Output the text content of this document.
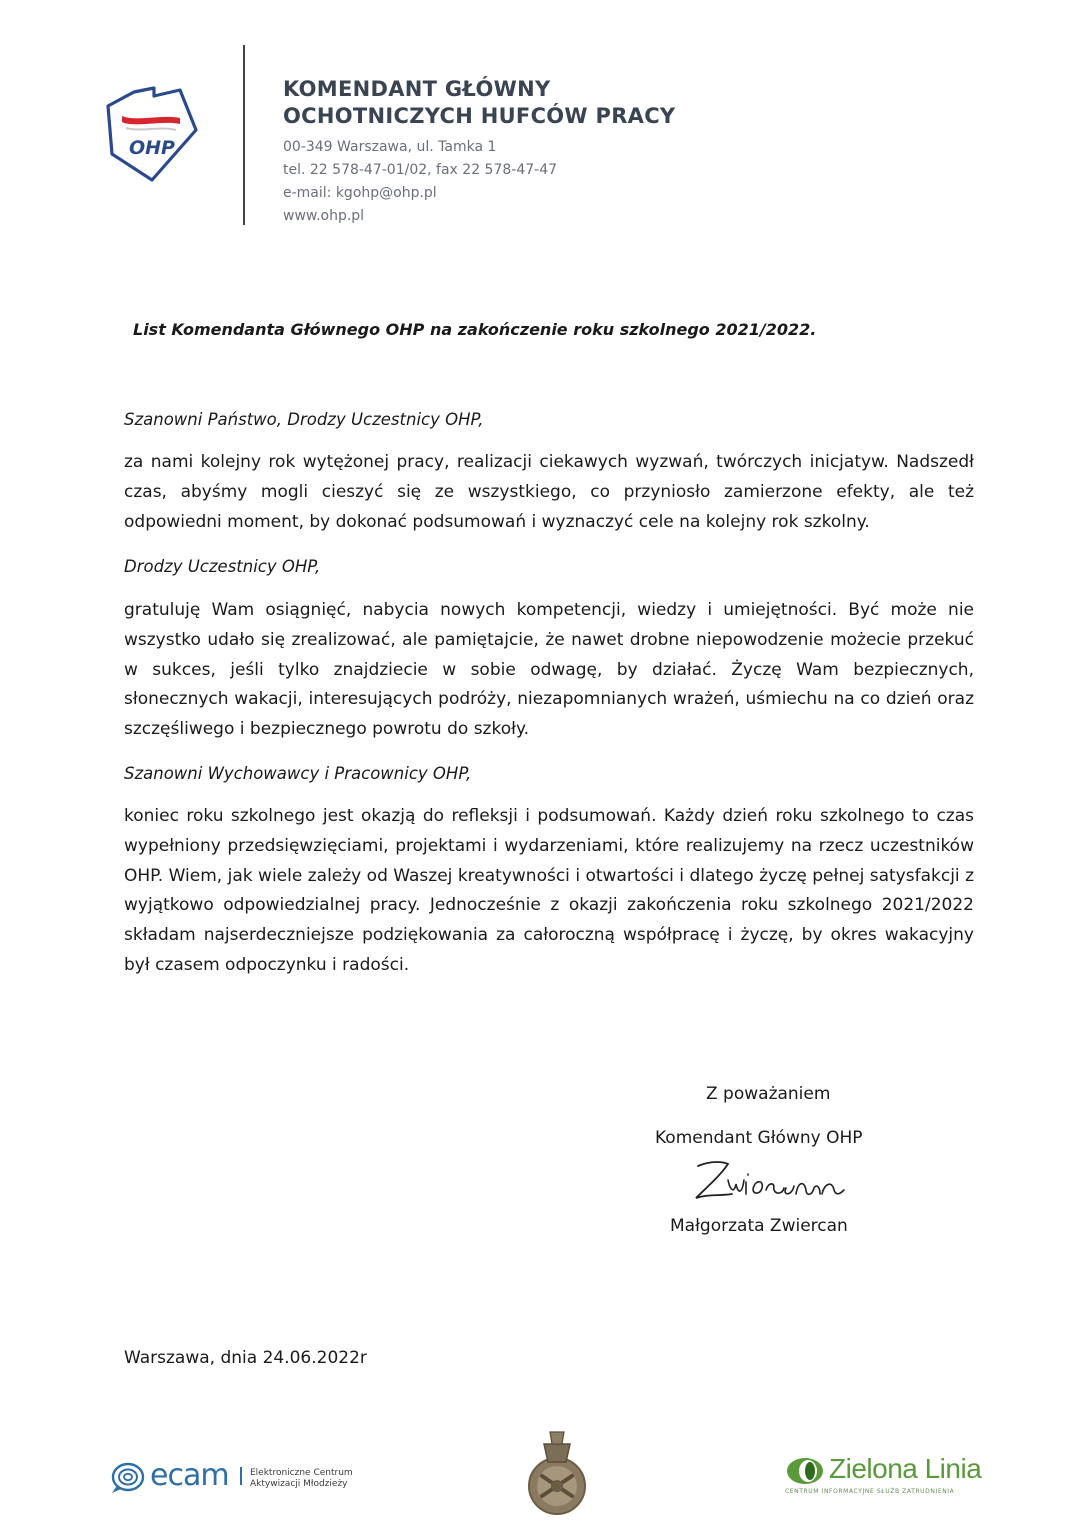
OHP
KOMENDANT GŁÓWNY
OCHOTNICZYCH HUFCÓW PRACY
00-349 Warszawa, ul. Tamka 1
tel. 22 578-47-01/02, fax 22 578-47-47
e-mail: kgohp@ohp.pl
www.ohp.pl
List Komendanta Głównego OHP na zakończenie roku szkolnego 2021/2022.
Szanowni Państwo, Drodzy Uczestnicy OHP,
za nami kolejny rok wytężonej pracy, realizacji ciekawych wyzwań, twórczych inicjatyw. Nadszedł czas, abyśmy mogli cieszyć się ze wszystkiego, co przyniosło zamierzone efekty, ale też odpowiedni moment, by dokonać podsumowań i wyznaczyć cele na kolejny rok szkolny.
Drodzy Uczestnicy OHP,
gratuluję Wam osiągnięć, nabycia nowych kompetencji, wiedzy i umiejętności. Być może nie wszystko udało się zrealizować, ale pamiętajcie, że nawet drobne niepowodzenie możecie przekuć w sukces, jeśli tylko znajdziecie w sobie odwagę, by działać. Życzę Wam bezpiecznych, słonecznych wakacji, interesujących podróży, niezapomnianych wrażeń, uśmiechu na co dzień oraz szczęśliwego i bezpiecznego powrotu do szkoły.
Szanowni Wychowawcy i Pracownicy OHP,
koniec roku szkolnego jest okazją do refleksji i podsumowań. Każdy dzień roku szkolnego to czas wypełniony przedsięwzięciami, projektami i wydarzeniami, które realizujemy na rzecz uczestników OHP. Wiem, jak wiele zależy od Waszej kreatywności i otwartości i dlatego życzę pełnej satysfakcji z wyjątkowo odpowiedzialnej pracy. Jednocześnie z okazji zakończenia roku szkolnego 2021/2022 składam najserdeczniejsze podziękowania za całoroczną współpracę i życzę, by okres wakacyjny był czasem odpoczynku i radości.
Z poważaniem
Komendant Główny OHP
Małgorzata Zwiercan
Warszawa, dnia 24.06.2022r
ecam Elektroniczne Centrum
Aktywizacji Młodzieży	Zielona Linia
CENTRUM INFORMACYJNE SŁUŻB ZATRUDNIENIA
